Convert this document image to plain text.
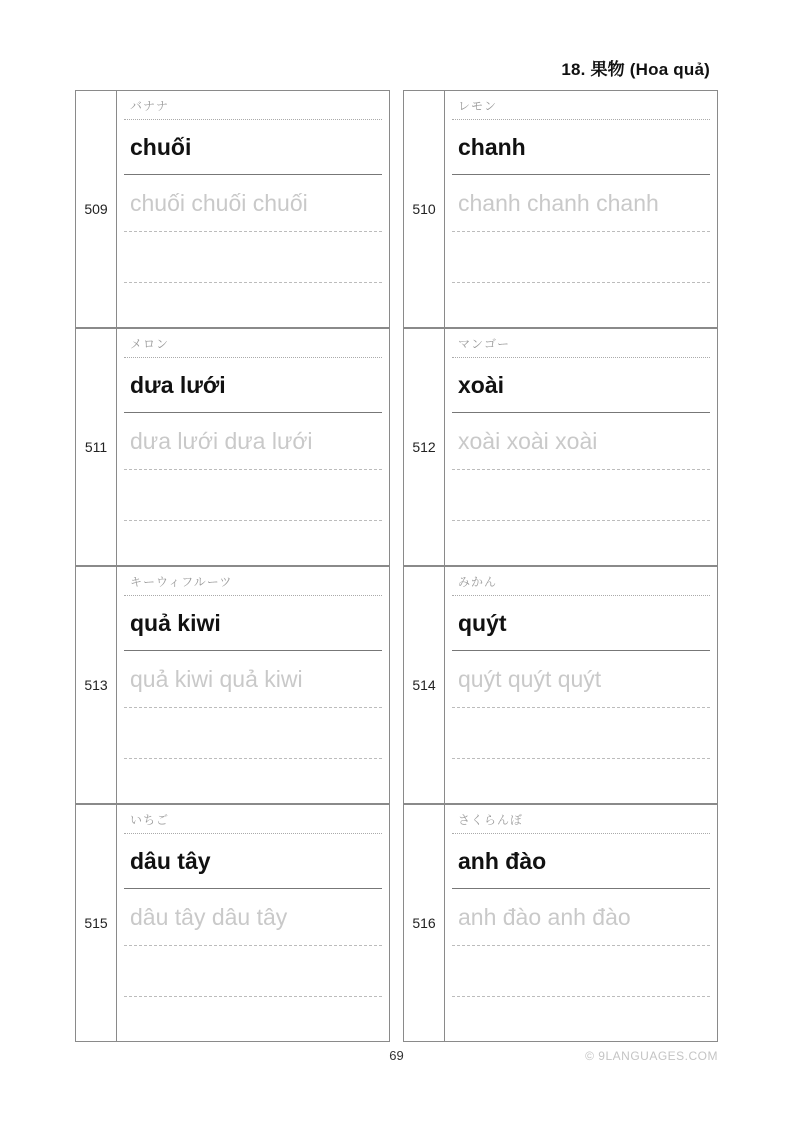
18. 果物 (Hoa quả)
509
バナナ
chuối
chuối chuối chuối	510
レモン
chanh
chanh chanh chanh
511
メロン
dưa lưới
dưa lưới dưa lưới	512
マンゴー
xoài
xoài xoài xoài
513
キーウィフルーツ
quả kiwi
quả kiwi quả kiwi	514
みかん
quýt
quýt quýt quýt
515
いちご
dâu tây
dâu tây dâu tây	516
さくらんぼ
anh đào
anh đào anh đào
69	© 9LANGUAGES.COM
